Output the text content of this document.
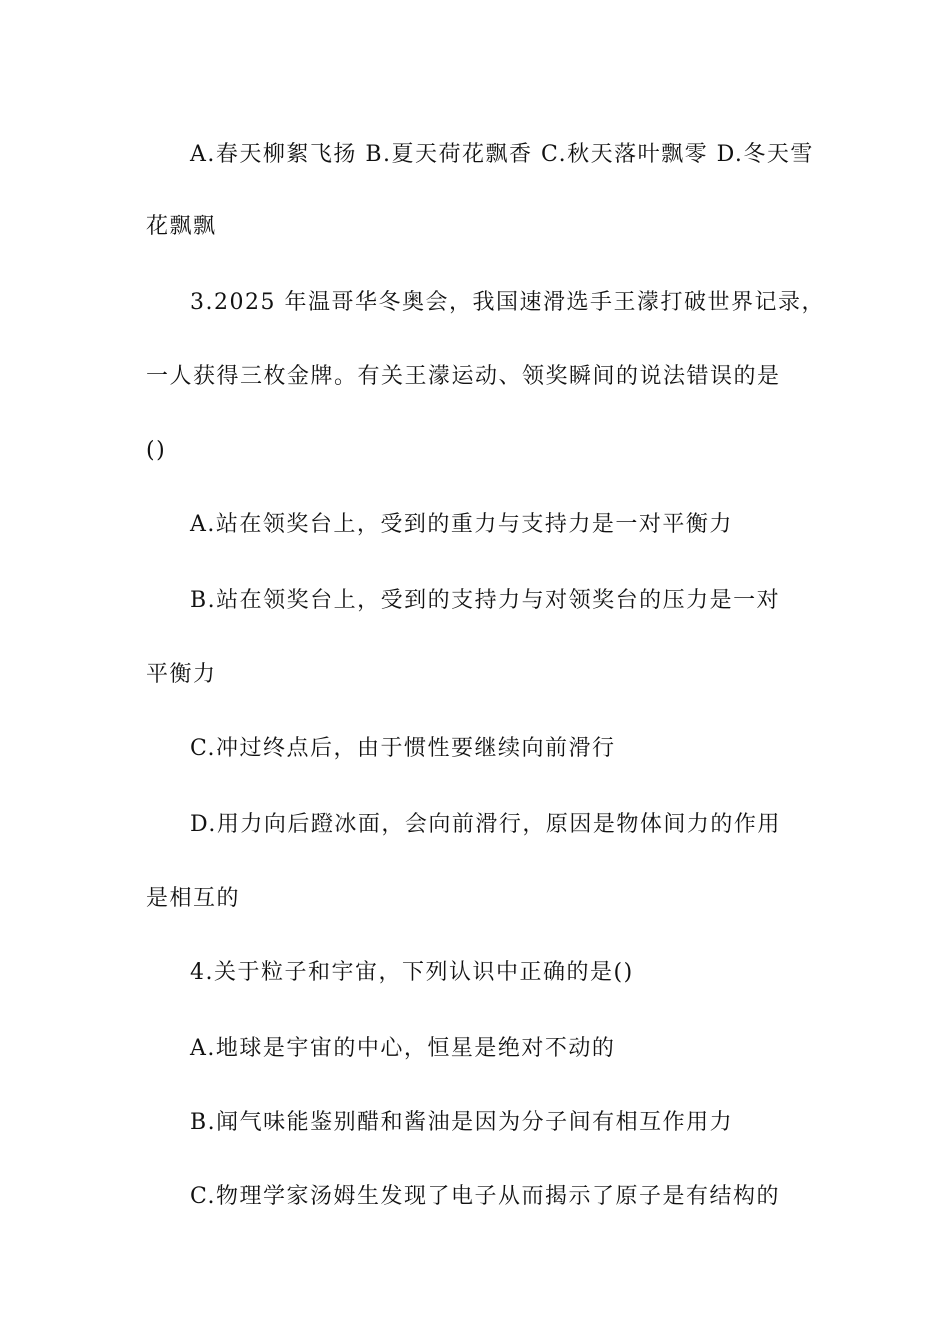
A.春天柳絮飞扬 B.夏天荷花飘香 C.秋天落叶飘零 D.冬天雪
花飘飘
3.2025 年温哥华冬奥会，我国速滑选手王濛打破世界记录，
一人获得三枚金牌。有关王濛运动、领奖瞬间的说法错误的是
()
A.站在领奖台上，受到的重力与支持力是一对平衡力
B.站在领奖台上，受到的支持力与对领奖台的压力是一对
平衡力
C.冲过终点后，由于惯性要继续向前滑行
D.用力向后蹬冰面，会向前滑行，原因是物体间力的作用
是相互的
4.关于粒子和宇宙，下列认识中正确的是()
A.地球是宇宙的中心，恒星是绝对不动的
B.闻气味能鉴别醋和酱油是因为分子间有相互作用力
C.物理学家汤姆生发现了电子从而揭示了原子是有结构的
